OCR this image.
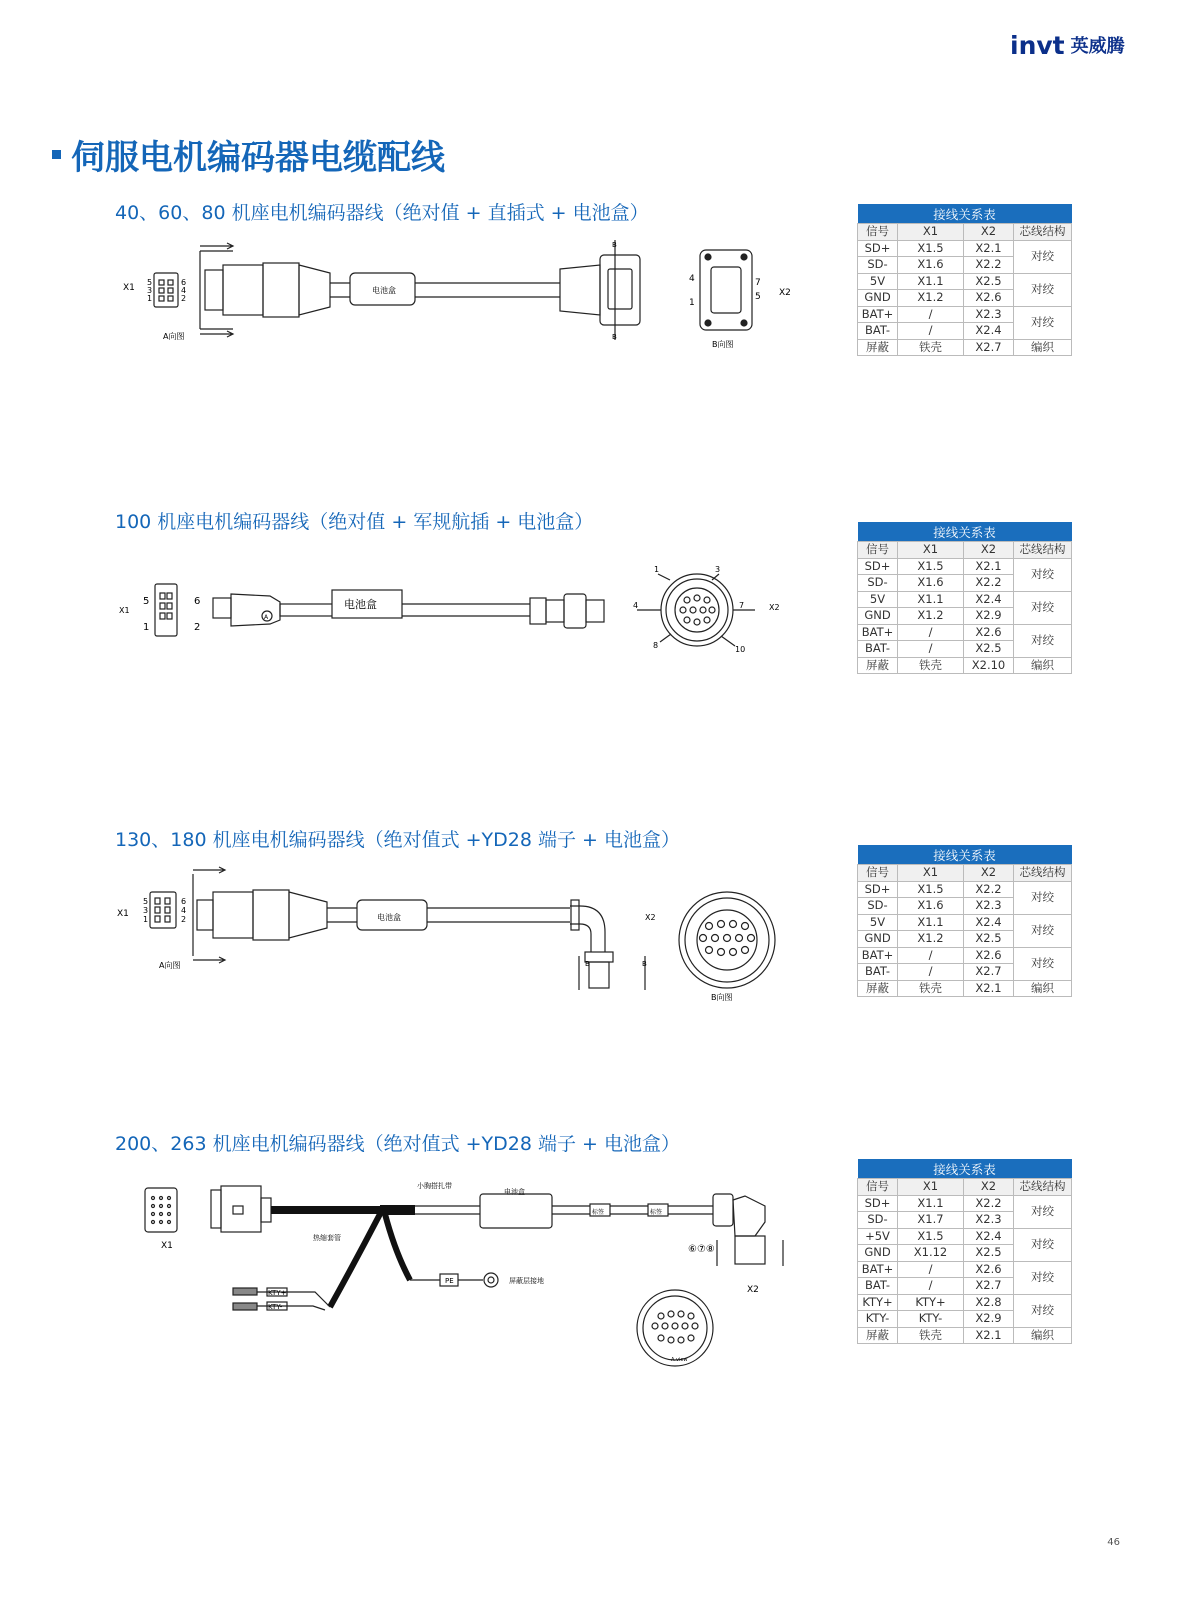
invt 英威腾
伺服电机编码器电缆配线
40、60、80 机座电机编码器线（绝对值 + 直插式 + 电池盒）
X1
5
3
1
6
4
2
A向图
电池盒
B
B
4
1
7
5 X2
B向图
接线关系表			
信号	X1	X2	芯线结构
SD+	X1.5	X2.1	对绞
SD-	X1.6	X2.2	
5V	X1.1	X2.5	对绞
GND	X1.2	X2.6	
BAT+	/	X2.3	对绞
BAT-	/	X2.4	
屏蔽	铁壳	X2.7	编织
100 机座电机编码器线（绝对值 + 军规航插 + 电池盒）
X1
5
1
6
2
A
电池盒
1	3
4	7
8	10
X2
接线关系表			
信号	X1	X2	芯线结构
SD+	X1.5	X2.1	对绞
SD-	X1.6	X2.2	
5V	X1.1	X2.4	对绞
GND	X1.2	X2.9	
BAT+	/	X2.6	对绞
BAT-	/	X2.5	
屏蔽	铁壳	X2.10	编织
130、180 机座电机编码器线（绝对值式 +YD28 端子 + 电池盒）
X1
5
3
1
6
4
2
A向图
电池盒	X2
B	B
B向图
接线关系表			
信号	X1	X2	芯线结构
SD+	X1.5	X2.2	对绞
SD-	X1.6	X2.3	
5V	X1.1	X2.4	对绞
GND	X1.2	X2.5	
BAT+	/	X2.6	对绞
BAT-	/	X2.7	
屏蔽	铁壳	X2.1	编织
200、263 机座电机编码器线（绝对值式 +YD28 端子 + 电池盒）
X1
小胸搭扎带
热缩套管
电池盒
标签	标签
PE	屏蔽层接地
KTY+
KTY-
⑥⑦⑧
X2
A-view
接线关系表			
信号	X1	X2	芯线结构
SD+	X1.1	X2.2	对绞
SD-	X1.7	X2.3	
+5V	X1.5	X2.4	对绞
GND	X1.12	X2.5	
BAT+	/	X2.6	对绞
BAT-	/	X2.7	
KTY+	KTY+	X2.8	对绞
KTY-	KTY-	X2.9	
屏蔽	铁壳	X2.1	编织
46
